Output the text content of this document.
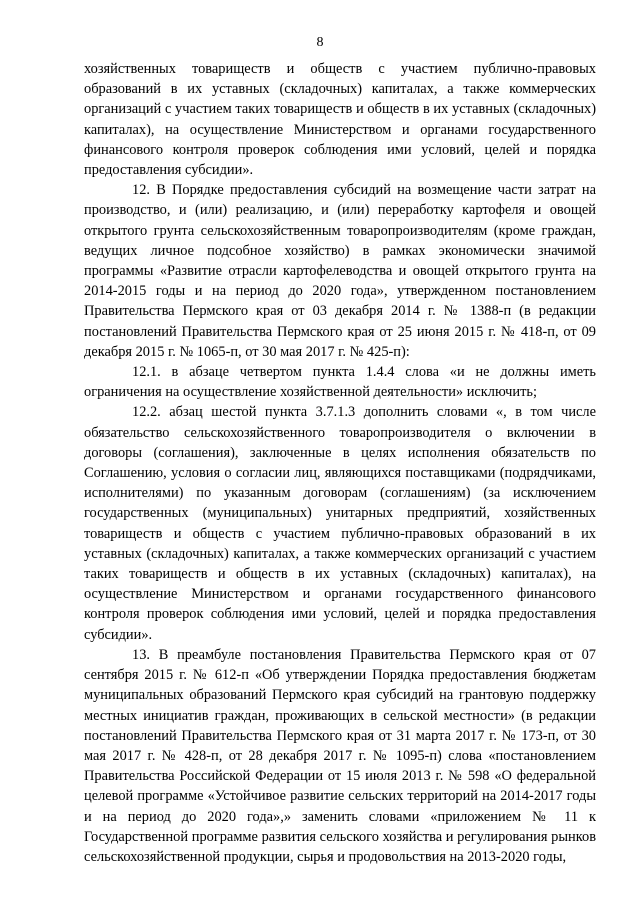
8

хозяйственных товариществ и обществ с участием публично-правовых образований в их уставных (складочных) капиталах, а также коммерческих организаций с участием таких товариществ и обществ в их уставных (складочных) капиталах), на осуществление Министерством и органами государственного финансового контроля проверок соблюдения ими условий, целей и порядка предоставления субсидии».

12. В Порядке предоставления субсидий на возмещение части затрат на производство, и (или) реализацию, и (или) переработку картофеля и овощей открытого грунта сельскохозяйственным товаропроизводителям (кроме граждан, ведущих личное подсобное хозяйство) в рамках экономически значимой программы «Развитие отрасли картофелеводства и овощей открытого грунта на 2014-2015 годы и на период до 2020 года», утвержденном постановлением Правительства Пермского края от 03 декабря 2014 г. № 1388-п (в редакции постановлений Правительства Пермского края от 25 июня 2015 г. № 418-п, от 09 декабря 2015 г. № 1065-п, от 30 мая 2017 г. № 425-п):

12.1. в абзаце четвертом пункта 1.4.4 слова «и не должны иметь ограничения на осуществление хозяйственной деятельности» исключить;

12.2. абзац шестой пункта 3.7.1.3 дополнить словами «, в том числе обязательство сельскохозяйственного товаропроизводителя о включении в договоры (соглашения), заключенные в целях исполнения обязательств по Соглашению, условия о согласии лиц, являющихся поставщиками (подрядчиками, исполнителями) по указанным договорам (соглашениям) (за исключением государственных (муниципальных) унитарных предприятий, хозяйственных товариществ и обществ с участием публично-правовых образований в их уставных (складочных) капиталах, а также коммерческих организаций с участием таких товариществ и обществ в их уставных (складочных) капиталах), на осуществление Министерством и органами государственного финансового контроля проверок соблюдения ими условий, целей и порядка предоставления субсидии».

13. В преамбуле постановления Правительства Пермского края от 07 сентября 2015 г. № 612-п «Об утверждении Порядка предоставления бюджетам муниципальных образований Пермского края субсидий на грантовую поддержку местных инициатив граждан, проживающих в сельской местности» (в редакции постановлений Правительства Пермского края от 31 марта 2017 г. № 173-п, от 30 мая 2017 г. № 428-п, от 28 декабря 2017 г. № 1095-п) слова «постановлением Правительства Российской Федерации от 15 июля 2013 г. № 598 «О федеральной целевой программе «Устойчивое развитие сельских территорий на 2014-2017 годы и на период до 2020 года»,» заменить словами «приложением № 11 к Государственной программе развития сельского хозяйства и регулирования рынков сельскохозяйственной продукции, сырья и продовольствия на 2013-2020 годы,
